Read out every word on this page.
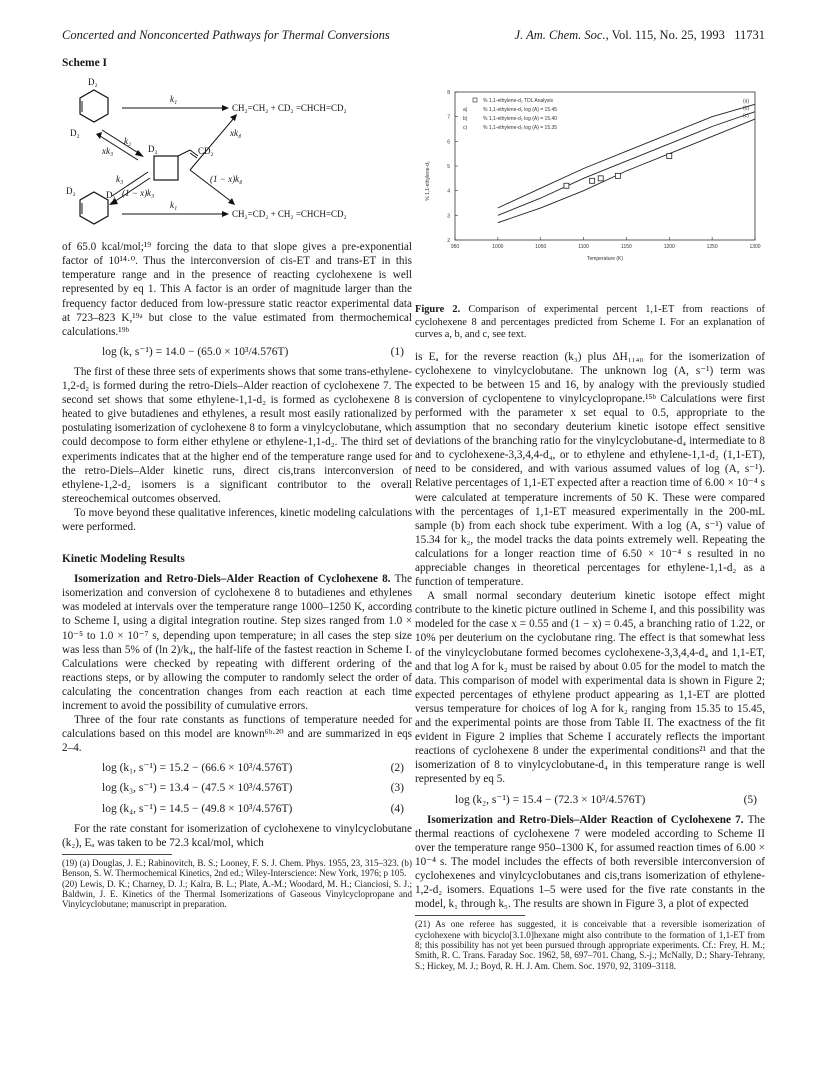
Concerted and Nonconcerted Pathways for Thermal Conversions	J. Am. Chem. Soc., Vol. 115, No. 25, 1993 11731
Scheme I
D₂
D₂
k₁
CH₂=CH₂ + CD₂ =CHCH=CD₂
xk₄
k₂
xk₃	D₂	CD₂
k₃
(1 − x)k₃
(1 − x)k₄
D₂	D₂
k₁
CH₂=CD₂ + CH₂ =CHCH=CD₂

of 65.0 kcal/mol;¹⁹ forcing the data to that slope gives a pre-exponential factor of 10¹⁴·⁰. Thus the interconversion of cis-ET and trans-ET in this temperature range and in the presence of reacting cyclohexene is well represented by eq 1. This A factor is an order of magnitude larger than the frequency factor deduced from low-pressure static reactor experimental data at 723–823 K,¹⁹ᵃ but close to the value estimated from thermochemical calculations.¹⁹ᵇ

log (k, s⁻¹) = 14.0 − (65.0 × 10³/4.576T)	(1)

The first of these three sets of experiments shows that some trans-ethylene-1,2-d₂ is formed during the retro-Diels–Alder reaction of cyclohexene 7. The second set shows that some ethylene-1,1-d₂ is formed as cyclohexene 8 is heated to give butadienes and ethylenes, a result most easily rationalized by postulating isomerization of cyclohexene 8 to form a vinylcyclobutane, which could decompose to form either ethylene or ethylene-1,1-d₂. The third set of experiments indicates that at the higher end of the temperature range used for the retro-Diels–Alder kinetic runs, direct cis,trans interconversion of ethylene-1,2-d₂ isomers is a significant contributor to the overall stereochemical outcomes observed.

To move beyond these qualitative inferences, kinetic modeling calculations were performed.

Kinetic Modeling Results

Isomerization and Retro-Diels–Alder Reaction of Cyclohexene 8. The isomerization and conversion of cyclohexene 8 to butadienes and ethylenes was modeled at intervals over the temperature range 1000–1250 K, according to Scheme I, using a digital integration routine. Step sizes ranged from 1.0 × 10⁻⁵ to 1.0 × 10⁻⁷ s, depending upon temperature; in all cases the step size was less than 5% of (ln 2)/k₄, the half-life of the fastest reaction in Scheme I. Calculations were checked by repeating with different ordering of the reactions steps, or by allowing the computer to randomly select the order of calculating the concentration changes from each reaction at each time increment to avoid the possibility of cumulative errors.

Three of the four rate constants as functions of temperature needed for calculations based on this model are known⁶ᵇ·²⁰ and are summarized in eqs 2–4.

log (k₁, s⁻¹) = 15.2 − (66.6 × 10³/4.576T)	(2)
log (k₃, s⁻¹) = 13.4 − (47.5 × 10³/4.576T)	(3)
log (k₄, s⁻¹) = 14.5 − (49.8 × 10³/4.576T)	(4)

For the rate constant for isomerization of cyclohexene to vinylcyclobutane (k₂), Eₐ was taken to be 72.3 kcal/mol, which

(19) (a) Douglas, J. E.; Rabinovitch, B. S.; Looney, F. S. J. Chem. Phys. 1955, 23, 315–323. (b) Benson, S. W. Thermochemical Kinetics, 2nd ed.; Wiley-Interscience: New York, 1976; p 105.
(20) Lewis, D. K.; Charney, D. J.; Kalra, B. L.; Plate, A.-M.; Woodard, M. H.; Cianciosi, S. J.; Baldwin, J. E. Kinetics of the Thermal Isomerizations of Gaseous Vinylcyclopropane and Vinylcyclobutane; manuscript in preparation.
950	1000	1050	1100	1150	1200	1250	1300
2
3
4
5
6
7
8
(a)
(b)
(c)
% 1,1-ethylene-d₂ TDL Analysis
a)	% 1,1-ethylene-d₂ log (A) = 15.45
b)	% 1,1-ethylene-d₂ log (A) = 15.40
c)	% 1,1-ethylene-d₂ log (A) = 15.35
% 1,1-ethylene-d₂
Temperature (K)
Figure 2. Comparison of experimental percent 1,1-ET from reactions of cyclohexene 8 and percentages predicted from Scheme I. For an explanation of curves a, b, and c, see text.

is Eₐ for the reverse reaction (k₃) plus ΔH₁₁₄₀ for the isomerization of cyclohexene to vinylcyclobutane. The unknown log (A, s⁻¹) term was expected to be between 15 and 16, by analogy with the previously studied conversion of cyclopentene to vinylcyclopropane.¹⁵ᵇ Calculations were first performed with the parameter x set equal to 0.5, appropriate to the assumption that no secondary deuterium kinetic isotope effect sensitive deviations of the branching ratio for the vinylcyclobutane-d₄ intermediate to 8 and to cyclohexene-3,3,4,4-d₄, or to ethylene and ethylene-1,1-d₂ (1,1-ET), need to be considered, and with various assumed values of log (A, s⁻¹). Relative percentages of 1,1-ET expected after a reaction time of 6.00 × 10⁻⁴ s were calculated at temperature increments of 50 K. These were compared with the percentages of 1,1-ET measured experimentally in the 200-mL sample (b) from each shock tube experiment. With a log (A, s⁻¹) value of 15.34 for k₂, the model tracks the data points extremely well. Repeating the calculations for a longer reaction time of 6.50 × 10⁻⁴ s resulted in no appreciable changes in theoretical percentages for ethylene-1,1-d₂ as a function of temperature.

A small normal secondary deuterium kinetic isotope effect might contribute to the kinetic picture outlined in Scheme I, and this possibility was modeled for the case x = 0.55 and (1 − x) = 0.45, a branching ratio of 1.22, or 10% per deuterium on the cyclobutane ring. The effect is that somewhat less of the vinylcyclobutane formed becomes cyclohexene-3,3,4,4-d₄ and 1,1-ET, and that log A for k₂ must be raised by about 0.05 for the model to match the data. This comparison of model with experimental data is shown in Figure 2; expected percentages of ethylene product appearing as 1,1-ET are plotted versus temperature for choices of log A for k₂ ranging from 15.35 to 15.45, and the experimental points are those from Table II. The exactness of the fit evident in Figure 2 implies that Scheme I accurately reflects the important reactions of cyclohexene 8 under the experimental conditions²¹ and that the isomerization of 8 to vinylcyclobutane-d₄ in this temperature range is well represented by eq 5.

log (k₂, s⁻¹) = 15.4 − (72.3 × 10³/4.576T)	(5)

Isomerization and Retro-Diels–Alder Reaction of Cyclohexene 7. The thermal reactions of cyclohexene 7 were modeled according to Scheme II over the temperature range 950–1300 K, for assumed reaction times of 6.00 × 10⁻⁴ s. The model includes the effects of both reversible interconversion of cyclohexenes and vinylcyclobutanes and cis,trans isomerization of ethylene-1,2-d₂ isomers. Equations 1–5 were used for the five rate constants in the model, k₁ through k₅. The results are shown in Figure 3, a plot of expected

(21) As one referee has suggested, it is conceivable that a reversible isomerization of cyclohexene with bicyclo[3.1.0]hexane might also contribute to the formation of 1,1-ET from 8; this possibility has not yet been pursued through appropriate experiments. Cf.: Frey, H. M.; Smith, R. C. Trans. Faraday Soc. 1962, 58, 697–701. Chang, S.-j.; McNally, D.; Shary-Tehrany, S.; Hickey, M. J.; Boyd, R. H. J. Am. Chem. Soc. 1970, 92, 3109–3118.
